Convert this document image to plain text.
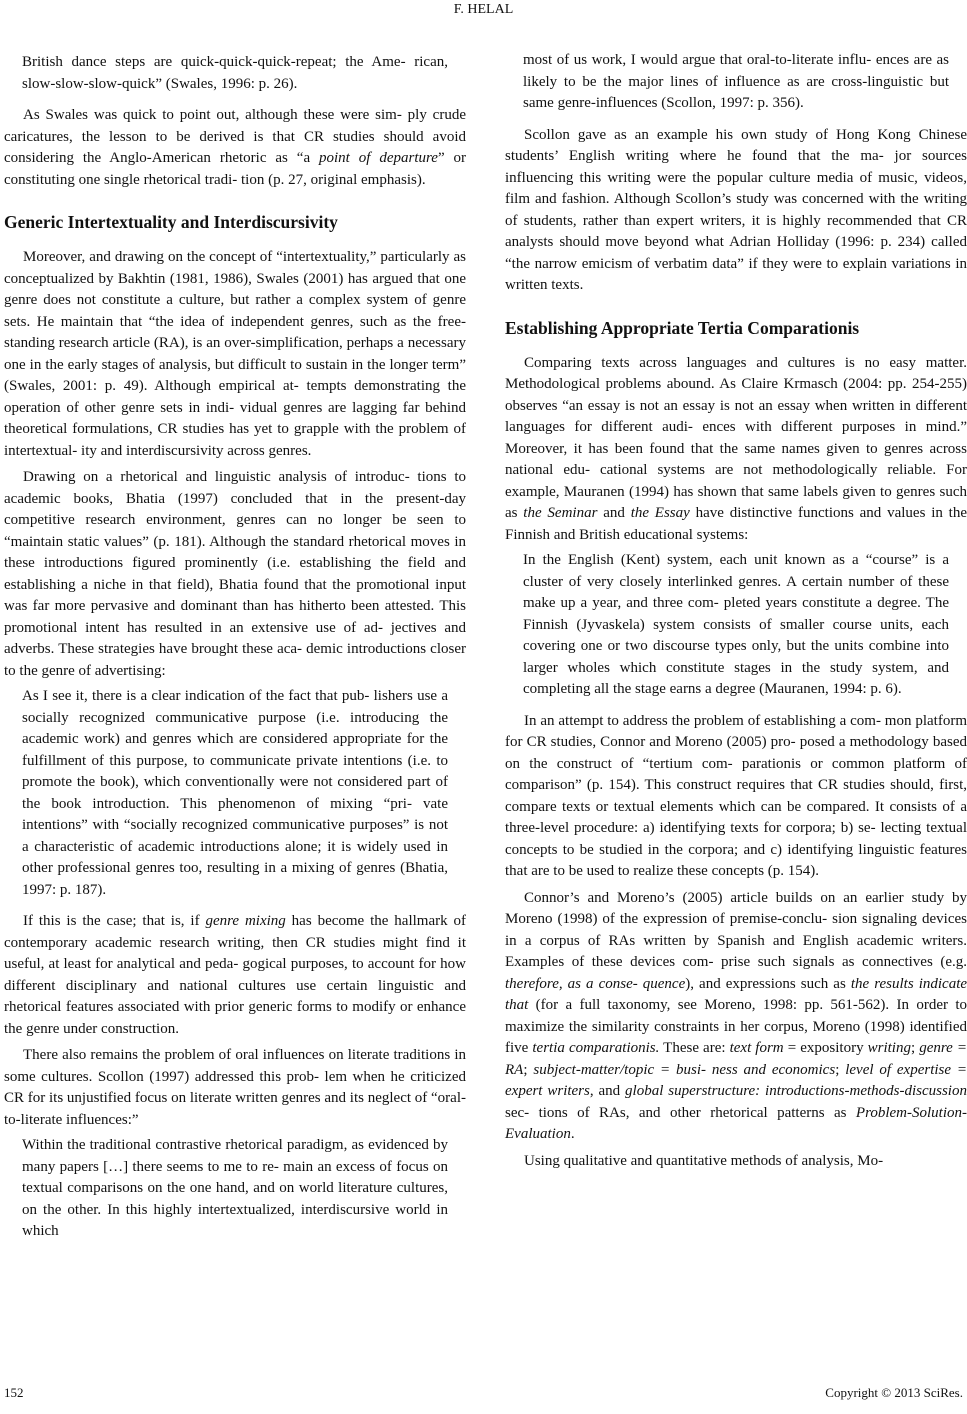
F. HELAL
British dance steps are quick-quick-quick-repeat; the Ame- rican, slow-slow-slow-quick” (Swales, 1996: p. 26).

As Swales was quick to point out, although these were sim- ply crude caricatures, the lesson to be derived is that CR studies should avoid considering the Anglo-American rhetoric as “a point of departure” or constituting one single rhetorical tradi- tion (p. 27, original emphasis).

Generic Intertextuality and Interdiscursivity

Moreover, and drawing on the concept of “intertextuality,” particularly as conceptualized by Bakhtin (1981, 1986), Swales (2001) has argued that one genre does not constitute a culture, but rather a complex system of genre sets. He maintain that “the idea of independent genres, such as the free-standing research article (RA), is an over-simplification, perhaps a necessary one in the early stages of analysis, but difficult to sustain in the longer term” (Swales, 2001: p. 49). Although empirical at- tempts demonstrating the operation of other genre sets in indi- vidual genres are lagging far behind theoretical formulations, CR studies has yet to grapple with the problem of intertextual- ity and interdiscursivity across genres.

Drawing on a rhetorical and linguistic analysis of introduc- tions to academic books, Bhatia (1997) concluded that in the present-day competitive research environment, genres can no longer be seen to “maintain static values” (p. 181). Although the standard rhetorical moves in these introductions figured prominently (i.e. establishing the field and establishing a niche in that field), Bhatia found that the promotional input was far more pervasive and dominant than has hitherto been attested. This promotional intent has resulted in an extensive use of ad- jectives and adverbs. These strategies have brought these aca- demic introductions closer to the genre of advertising:

As I see it, there is a clear indication of the fact that pub- lishers use a socially recognized communicative purpose (i.e. introducing the academic work) and genres which are considered appropriate for the fulfillment of this purpose, to communicate private intentions (i.e. to promote the book), which conventionally were not considered part of the book introduction. This phenomenon of mixing “pri- vate intentions” with “socially recognized communicative purposes” is not a characteristic of academic introductions alone; it is widely used in other professional genres too, resulting in a mixing of genres (Bhatia, 1997: p. 187).

If this is the case; that is, if genre mixing has become the hallmark of contemporary academic research writing, then CR studies might find it useful, at least for analytical and peda- gogical purposes, to account for how different disciplinary and national cultures use certain linguistic and rhetorical features associated with prior generic forms to modify or enhance the genre under construction.

There also remains the problem of oral influences on literate traditions in some cultures. Scollon (1997) addressed this prob- lem when he criticized CR for its unjustified focus on literate written genres and its neglect of “oral-to-literate influences:”

Within the traditional contrastive rhetorical paradigm, as evidenced by many papers […] there seems to me to re- main an excess of focus on textual comparisons on the one hand, and on world literature cultures, on the other. In this highly intertextualized, interdiscursive world in which
most of us work, I would argue that oral-to-literate influ- ences are as likely to be the major lines of influence as are cross-linguistic but same genre-influences (Scollon, 1997: p. 356).

Scollon gave as an example his own study of Hong Kong Chinese students’ English writing where he found that the ma- jor sources influencing this writing were the popular culture media of music, videos, film and fashion. Although Scollon’s study was concerned with the writing of students, rather than expert writers, it is highly recommended that CR analysts should move beyond what Adrian Holliday (1996: p. 234) called “the narrow emicism of verbatim data” if they were to explain variations in written texts.

Establishing Appropriate Tertia Comparationis

Comparing texts across languages and cultures is no easy matter. Methodological problems abound. As Claire Krmasch (2004: pp. 254-255) observes “an essay is not an essay is not an essay when written in different languages for different audi- ences with different purposes in mind.” Moreover, it has been found that the same names given to genres across national edu- cational systems are not methodologically reliable. For example, Mauranen (1994) has shown that same labels given to genres such as the Seminar and the Essay have distinctive functions and values in the Finnish and British educational systems:

In the English (Kent) system, each unit known as a “course” is a cluster of very closely interlinked genres. A certain number of these make up a year, and three com- pleted years constitute a degree. The Finnish (Jyvaskela) system consists of smaller course units, each covering one or two discourse types only, but the units combine into larger wholes which constitute stages in the study system, and completing all the stage earns a degree (Mauranen, 1994: p. 6).

In an attempt to address the problem of establishing a com- mon platform for CR studies, Connor and Moreno (2005) pro- posed a methodology based on the construct of “tertium com- parationis or common platform of comparison” (p. 154). This construct requires that CR studies should, first, compare texts or textual elements which can be compared. It consists of a three-level procedure: a) identifying texts for corpora; b) se- lecting textual concepts to be studied in the corpora; and c) identifying linguistic features that are to be used to realize these concepts (p. 154).

Connor’s and Moreno’s (2005) article builds on an earlier study by Moreno (1998) of the expression of premise-conclu- sion signaling devices in a corpus of RAs written by Spanish and English academic writers. Examples of these devices com- prise such signals as connectives (e.g. therefore, as a conse- quence), and expressions such as the results indicate that (for a full taxonomy, see Moreno, 1998: pp. 561-562). In order to maximize the similarity constraints in her corpus, Moreno (1998) identified five tertia comparationis. These are: text form = expository writing; genre = RA; subject-matter/topic = busi- ness and economics; level of expertise = expert writers, and global superstructure: introductions-methods-discussion sec- tions of RAs, and other rhetorical patterns as Problem-Solution- Evaluation.

Using qualitative and quantitative methods of analysis, Mo-

152	Copyright © 2013 SciRes.
